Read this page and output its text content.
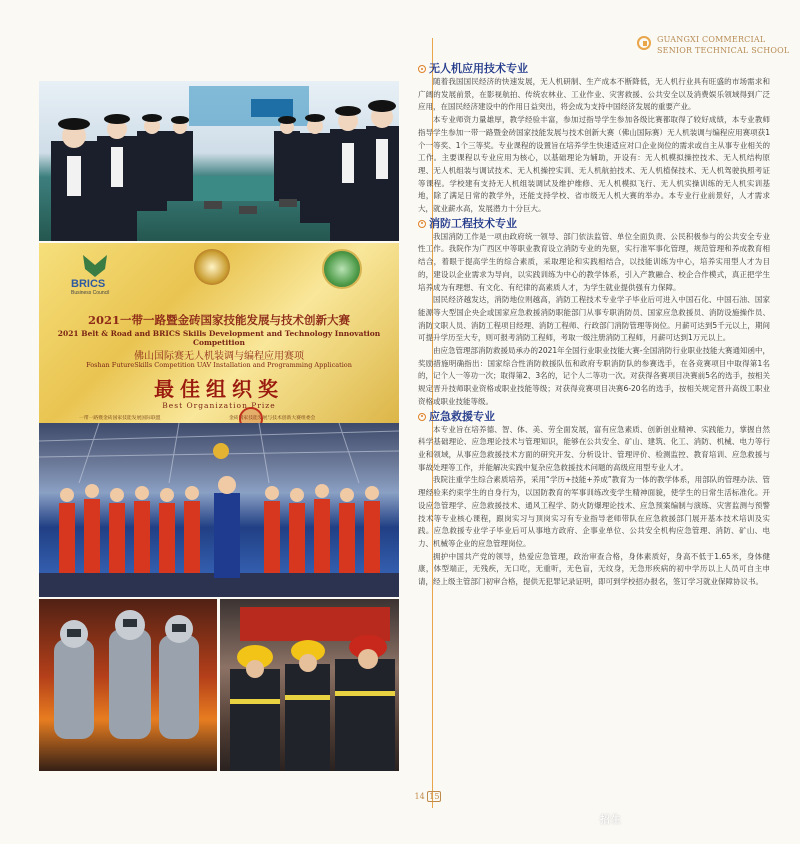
GUANGXI COMMERCIAL
SENIOR TECHNICAL SCHOOL
BRICS
Business Council
2021一带一路暨金砖国家技能发展与技术创新大赛
2021 Belt & Road and BRICS Skills Development and Technology Innovation Competition
佛山国际赛无人机装调与编程应用赛项
Foshan FutureSkills Competition UAV Installation and Programming Application
最佳组织奖
Best Organization Prize
一带一路暨金砖国家技能发展国际联盟	金砖国家技能发展与技术创新大赛组委会
无人机应用技术专业

随着我国国民经济的快速发展，无人机研制、生产成本不断降低，无人机行业具有旺盛的市场需求和广阔的发展前景，在影视航拍、传统农林业、工业作业、灾害救援、公共安全以及消费娱乐领域得到广泛应用，在国民经济建设中的作用日益突出，将会成为支持中国经济发展的重要产业。

本专业师资力量雄厚，教学经验丰富，参加过指导学生参加各级比赛都取得了较好成绩，本专业教师指导学生参加一带一路暨金砖国家技能发展与技术创新大赛（佛山国际赛）无人机装调与编程应用赛项获1个一等奖、1个三等奖。专业课程的设置旨在培养学生快速适应对口企业岗位的需求或自主从事专业相关的工作。主要课程以专业应用为核心，以基础理论为辅助，开设有：无人机模拟操控技术、无人机结构原理、无人机组装与调试技术、无人机操控实训、无人机航拍技术、无人机植保技术、无人机驾驶执照考证等课程。学校建有支持无人机组装调试及维护维修、无人机模拟飞行、无人机实操训练的无人机实训基地，除了满足日常的教学外，还能支持学校、省市级无人机大赛的举办。本专业行业前景好，人才需求大，就业薪水高，发展潜力十分巨大。

消防工程技术专业

我国消防工作是一项由政府统一领导、部门依法监管、单位全面负责、公民积极参与的公共安全专业性工作。我院作为广西区中等职业教育设立消防专业的先驱，实行准军事化管理，规范管理和养成教育相结合，着眼于提高学生的综合素质，采取理论和实践相结合，以技能训练为中心，培养实用型人才为目的，建设以企业需求为导向，以实践训练为中心的教学体系，引入产教融合、校企合作模式，真正把学生培养成为有理想、有文化、有纪律的高素质人才，为学生就业提供强有力保障。

国民经济越发达，消防地位则越高，消防工程技术专业学子毕业后可进入中国石化、中国石油、国家能源等大型国企央企或国家应急救援消防职能部门从事专职消防员、国家应急救援员、消防设施操作员、消防文职人员、消防工程项目经理、消防工程师、行政部门消防管理等岗位。月薪可达到5千元以上，期间可提升学历至大专，则可报考消防工程师，考取一级注册消防工程师，月薪可达到1万元以上。

由应急管理部消防救援局承办的2021年全国行业职业技能大赛-全国消防行业职业技能大赛通知函中，奖励措施明确指出：国家综合性消防救援队伍和政府专职消防队的参赛选手，在各竞赛项目中取得第1名的，记个人一等功一次；取得第2、3名的，记个人二等功一次。对获得各赛项目决赛前5名的选手，按相关规定晋升技师职业资格或职业技能等级；对获得竞赛项目决赛6-20名的选手，按相关规定晋升高级工职业资格或职业技能等级。

应急救援专业

本专业旨在培养德、智、体、美、劳全面发展，富有应急素质、创新创业精神、实践能力，掌握自然科学基础理论、应急理论技术与管理知识，能够在公共安全、矿山、建筑、化工、消防、机械、电力等行业和领域，从事应急救援技术方面的研究开发、分析设计、管理评价、检测监控、教育培训、应急救援与事故处理等工作，并能解决实践中复杂应急救援技术问题的高级应用型专业人才。

我院注重学生综合素质培养，采用“学历+技能+养成”教育为一体的教学体系，用部队的管理办法、管理经验来约束学生的自身行为，以国防教育的军事训练改变学生精神面貌，使学生的日常生活标准化。开设应急管理学、应急救援技术、通风工程学、防火防爆理论技术、应急预案编制与演练、灾害监测与预警技术等专业核心课程，跟岗实习与顶岗实习有专业指导老师带队在应急救援部门展开基本技术培训及实践。应急救援专业学子毕业后可从事地方政府、企事业单位、公共安全机构应急管理、消防、矿山、电力、机械等企业的应急管理岗位。

拥护中国共产党的领导，热爱应急管理，政治审查合格，身体素质好，身高不低于1.65米，身体健康，体型端正，无残疾，无口吃，无重听，无色盲，无纹身，无急形疾病的初中学历以上人员可自主申请，经上级主管部门初审合格，提供无犯罪记录证明，即可到学校招办报名，签订学习就业保障协议书。

14 15
招生
